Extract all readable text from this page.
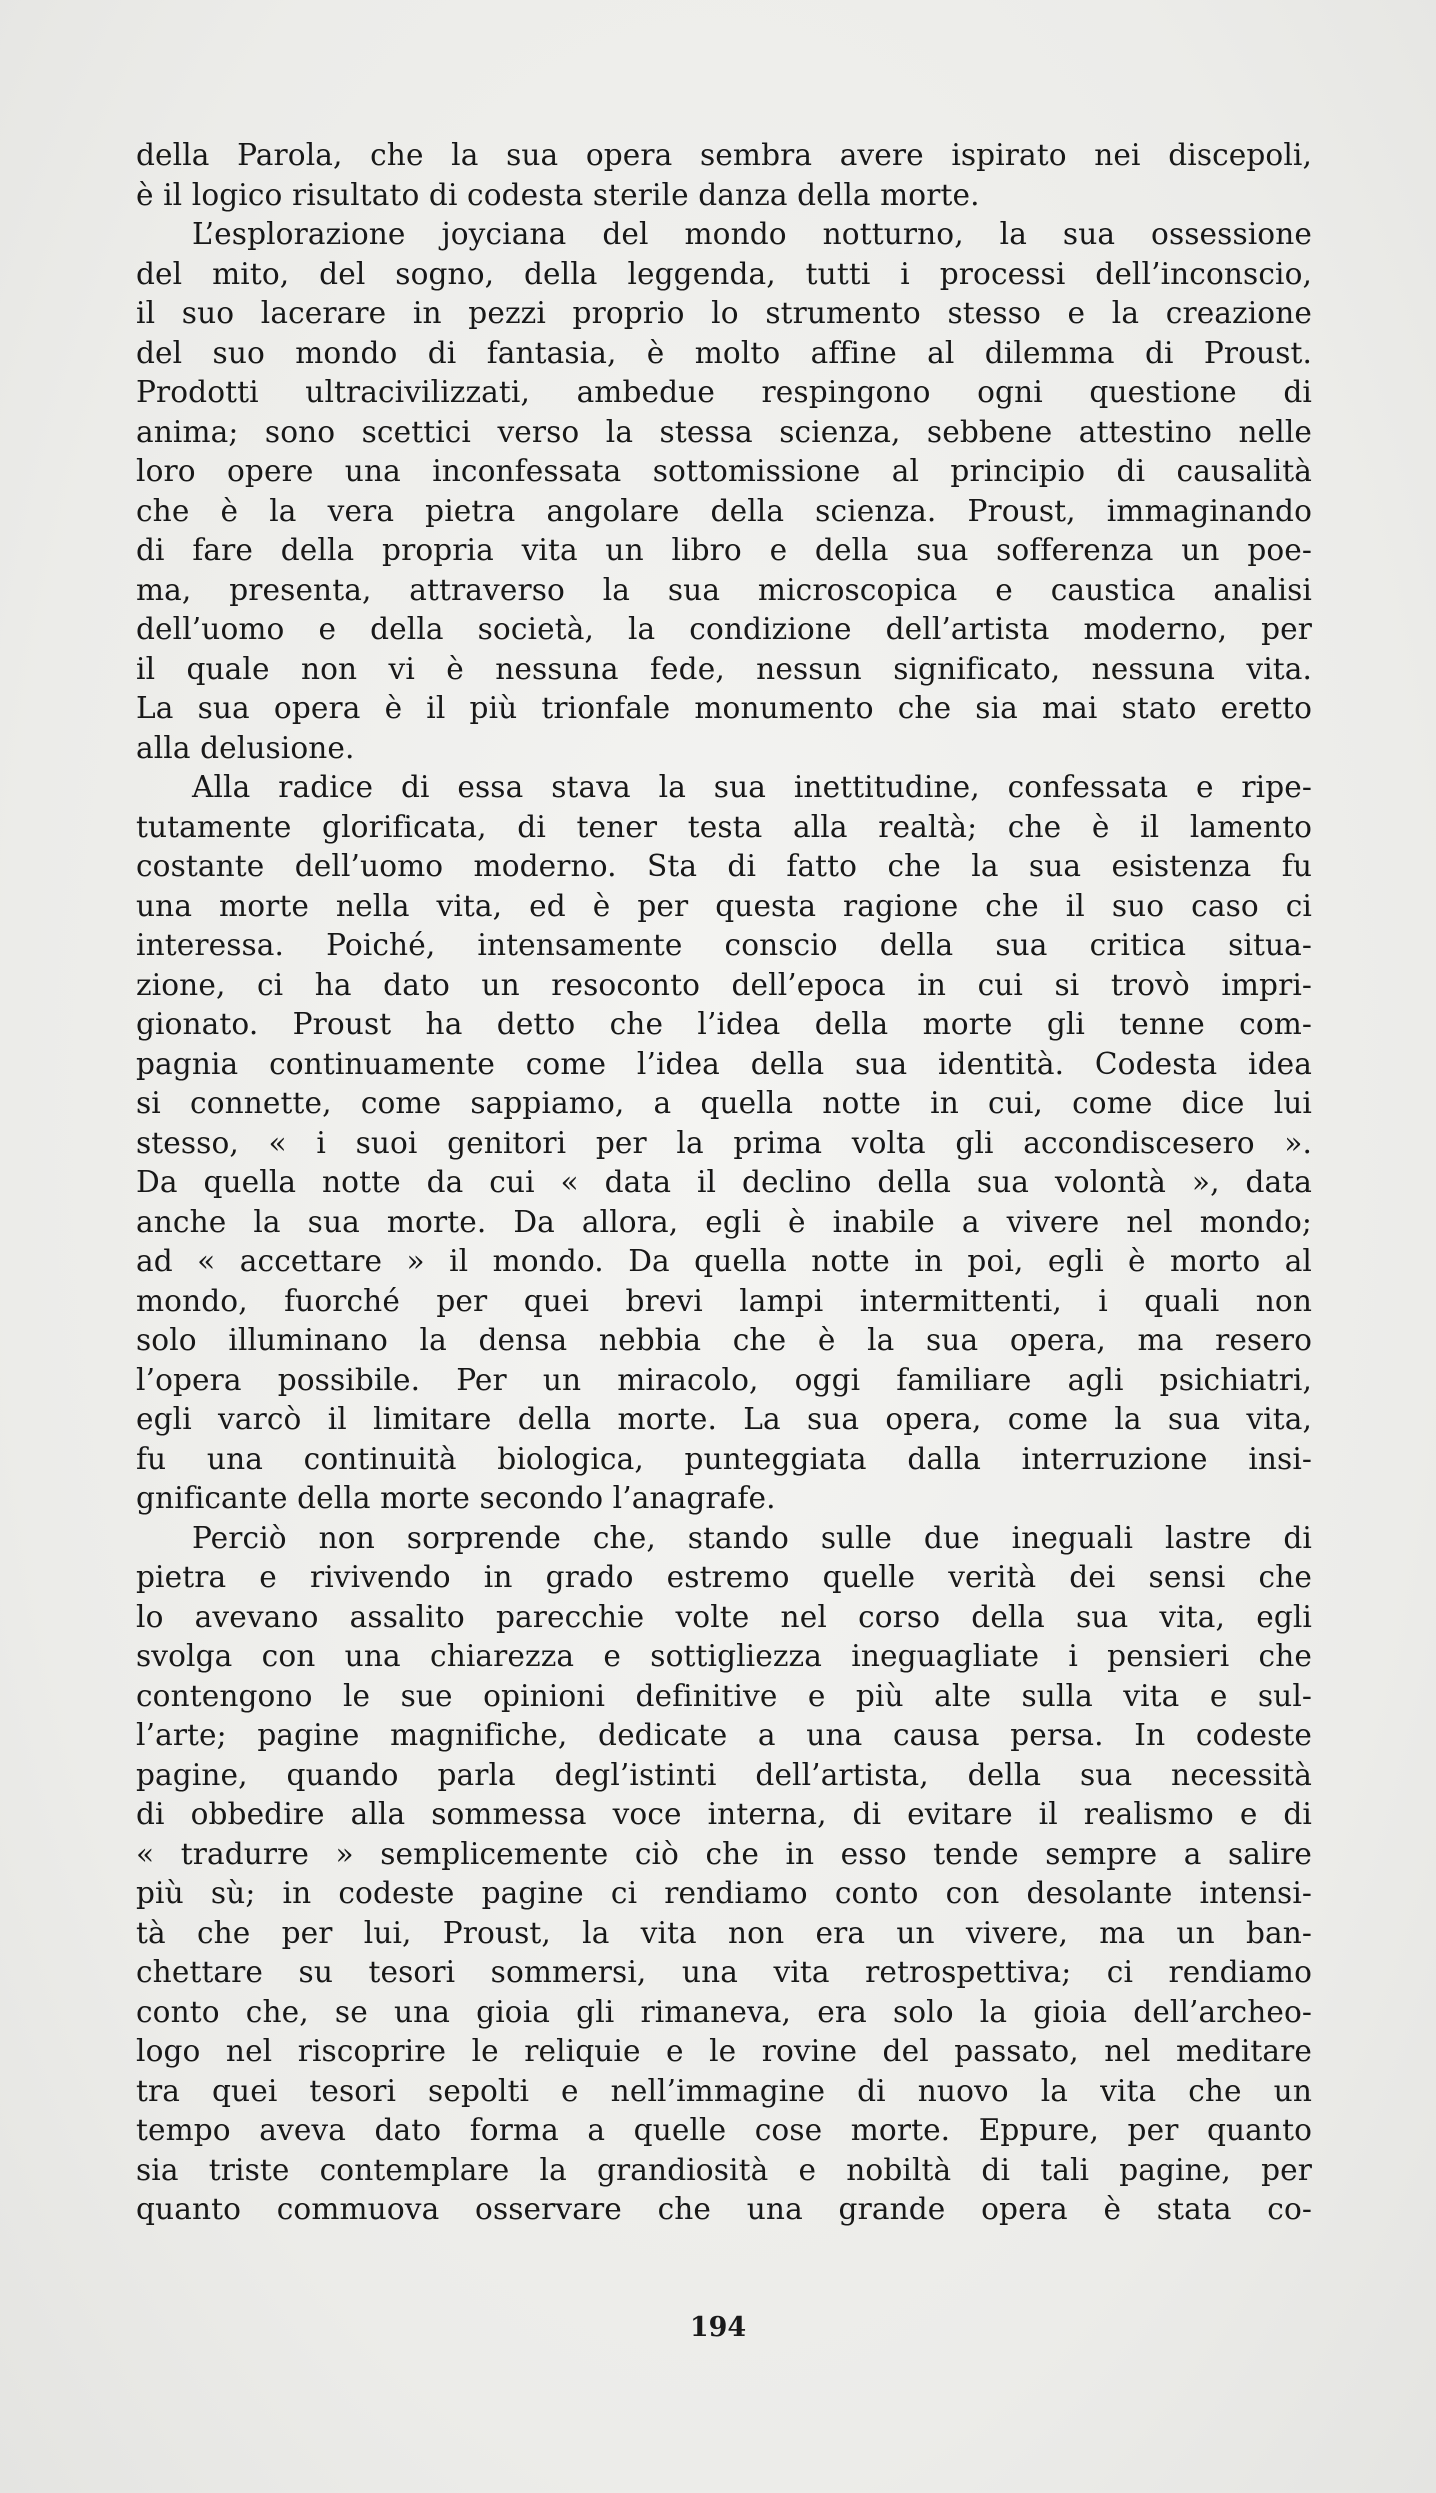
della Parola, che la sua opera sembra avere ispirato nei discepoli,
è il logico risultato di codesta sterile danza della morte.
L’esplorazione joyciana del mondo notturno, la sua ossessione
del mito, del sogno, della leggenda, tutti i processi dell’inconscio,
il suo lacerare in pezzi proprio lo strumento stesso e la creazione
del suo mondo di fantasia, è molto affine al dilemma di Proust.
Prodotti ultracivilizzati, ambedue respingono ogni questione di
anima; sono scettici verso la stessa scienza, sebbene attestino nelle
loro opere una inconfessata sottomissione al principio di causalità
che è la vera pietra angolare della scienza. Proust, immaginando
di fare della propria vita un libro e della sua sofferenza un poe-
ma, presenta, attraverso la sua microscopica e caustica analisi
dell’uomo e della società, la condizione dell’artista moderno, per
il quale non vi è nessuna fede, nessun significato, nessuna vita.
La sua opera è il più trionfale monumento che sia mai stato eretto
alla delusione.
Alla radice di essa stava la sua inettitudine, confessata e ripe-
tutamente glorificata, di tener testa alla realtà; che è il lamento
costante dell’uomo moderno. Sta di fatto che la sua esistenza fu
una morte nella vita, ed è per questa ragione che il suo caso ci
interessa. Poiché, intensamente conscio della sua critica situa-
zione, ci ha dato un resoconto dell’epoca in cui si trovò impri-
gionato. Proust ha detto che l’idea della morte gli tenne com-
pagnia continuamente come l’idea della sua identità. Codesta idea
si connette, come sappiamo, a quella notte in cui, come dice lui
stesso, « i suoi genitori per la prima volta gli accondiscesero ».
Da quella notte da cui « data il declino della sua volontà », data
anche la sua morte. Da allora, egli è inabile a vivere nel mondo;
ad « accettare » il mondo. Da quella notte in poi, egli è morto al
mondo, fuorché per quei brevi lampi intermittenti, i quali non
solo illuminano la densa nebbia che è la sua opera, ma resero
l’opera possibile. Per un miracolo, oggi familiare agli psichiatri,
egli varcò il limitare della morte. La sua opera, come la sua vita,
fu una continuità biologica, punteggiata dalla interruzione insi-
gnificante della morte secondo l’anagrafe.
Perciò non sorprende che, stando sulle due ineguali lastre di
pietra e rivivendo in grado estremo quelle verità dei sensi che
lo avevano assalito parecchie volte nel corso della sua vita, egli
svolga con una chiarezza e sottigliezza ineguagliate i pensieri che
contengono le sue opinioni definitive e più alte sulla vita e sul-
l’arte; pagine magnifiche, dedicate a una causa persa. In codeste
pagine, quando parla degl’istinti dell’artista, della sua necessità
di obbedire alla sommessa voce interna, di evitare il realismo e di
« tradurre » semplicemente ciò che in esso tende sempre a salire
più sù; in codeste pagine ci rendiamo conto con desolante intensi-
tà che per lui, Proust, la vita non era un vivere, ma un ban-
chettare su tesori sommersi, una vita retrospettiva; ci rendiamo
conto che, se una gioia gli rimaneva, era solo la gioia dell’archeo-
logo nel riscoprire le reliquie e le rovine del passato, nel meditare
tra quei tesori sepolti e nell’immagine di nuovo la vita che un
tempo aveva dato forma a quelle cose morte. Eppure, per quanto
sia triste contemplare la grandiosità e nobiltà di tali pagine, per
quanto commuova osservare che una grande opera è stata co-
194
